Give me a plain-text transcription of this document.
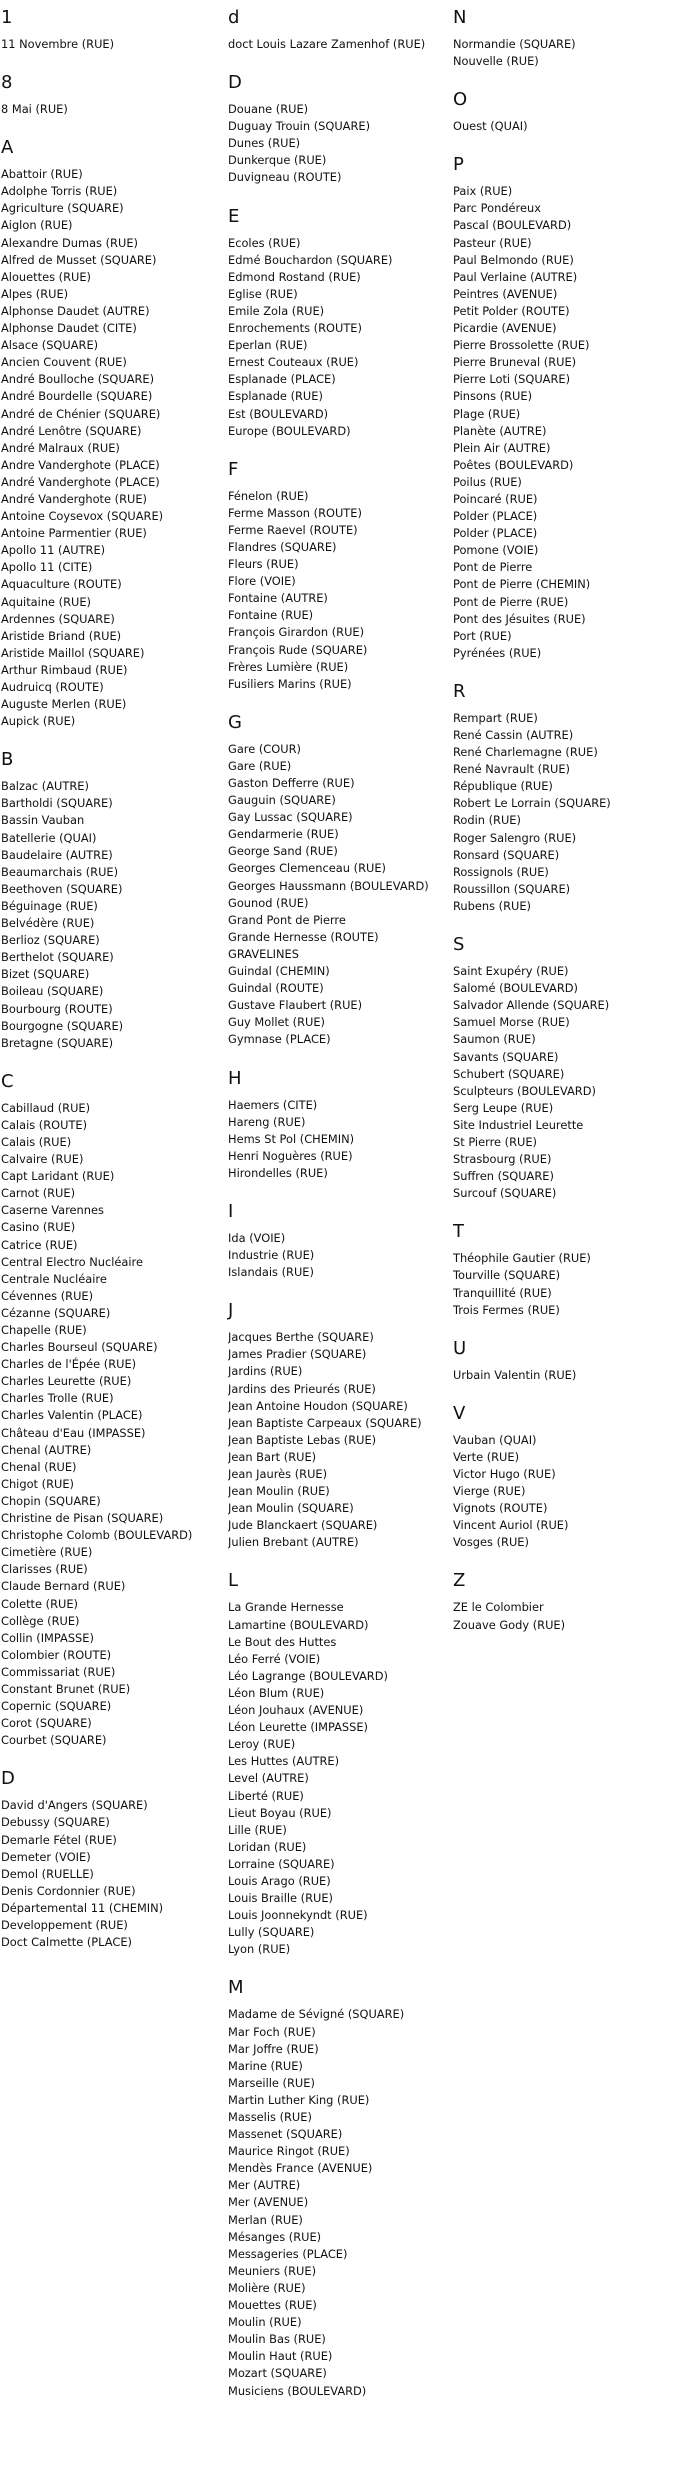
1
11 Novembre (RUE)
8
8 Mai (RUE)
A
Abattoir (RUE)
Adolphe Torris (RUE)
Agriculture (SQUARE)
Aiglon (RUE)
Alexandre Dumas (RUE)
Alfred de Musset (SQUARE)
Alouettes (RUE)
Alpes (RUE)
Alphonse Daudet (AUTRE)
Alphonse Daudet (CITE)
Alsace (SQUARE)
Ancien Couvent (RUE)
André Boulloche (SQUARE)
André Bourdelle (SQUARE)
André de Chénier (SQUARE)
André Lenôtre (SQUARE)
André Malraux (RUE)
Andre Vanderghote (PLACE)
André Vanderghote (PLACE)
André Vanderghote (RUE)
Antoine Coysevox (SQUARE)
Antoine Parmentier (RUE)
Apollo 11 (AUTRE)
Apollo 11 (CITE)
Aquaculture (ROUTE)
Aquitaine (RUE)
Ardennes (SQUARE)
Aristide Briand (RUE)
Aristide Maillol (SQUARE)
Arthur Rimbaud (RUE)
Audruicq (ROUTE)
Auguste Merlen (RUE)
Aupick (RUE)
B
Balzac (AUTRE)
Bartholdi (SQUARE)
Bassin Vauban
Batellerie (QUAI)
Baudelaire (AUTRE)
Beaumarchais (RUE)
Beethoven (SQUARE)
Béguinage (RUE)
Belvédère (RUE)
Berlioz (SQUARE)
Berthelot (SQUARE)
Bizet (SQUARE)
Boileau (SQUARE)
Bourbourg (ROUTE)
Bourgogne (SQUARE)
Bretagne (SQUARE)
C
Cabillaud (RUE)
Calais (ROUTE)
Calais (RUE)
Calvaire (RUE)
Capt Laridant (RUE)
Carnot (RUE)
Caserne Varennes
Casino (RUE)
Catrice (RUE)
Central Electro Nucléaire
Centrale Nucléaire
Cévennes (RUE)
Cézanne (SQUARE)
Chapelle (RUE)
Charles Bourseul (SQUARE)
Charles de l'Épée (RUE)
Charles Leurette (RUE)
Charles Trolle (RUE)
Charles Valentin (PLACE)
Château d'Eau (IMPASSE)
Chenal (AUTRE)
Chenal (RUE)
Chigot (RUE)
Chopin (SQUARE)
Christine de Pisan (SQUARE)
Christophe Colomb (BOULEVARD)
Cimetière (RUE)
Clarisses (RUE)
Claude Bernard (RUE)
Colette (RUE)
Collège (RUE)
Collin (IMPASSE)
Colombier (ROUTE)
Commissariat (RUE)
Constant Brunet (RUE)
Copernic (SQUARE)
Corot (SQUARE)
Courbet (SQUARE)
D
David d'Angers (SQUARE)
Debussy (SQUARE)
Demarle Fétel (RUE)
Demeter (VOIE)
Demol (RUELLE)
Denis Cordonnier (RUE)
Départemental 11 (CHEMIN)
Developpement (RUE)
Doct Calmette (PLACE)
d
doct Louis Lazare Zamenhof (RUE)
D
Douane (RUE)
Duguay Trouin (SQUARE)
Dunes (RUE)
Dunkerque (RUE)
Duvigneau (ROUTE)
E
Ecoles (RUE)
Edmé Bouchardon (SQUARE)
Edmond Rostand (RUE)
Eglise (RUE)
Emile Zola (RUE)
Enrochements (ROUTE)
Eperlan (RUE)
Ernest Couteaux (RUE)
Esplanade (PLACE)
Esplanade (RUE)
Est (BOULEVARD)
Europe (BOULEVARD)
F
Fénelon (RUE)
Ferme Masson (ROUTE)
Ferme Raevel (ROUTE)
Flandres (SQUARE)
Fleurs (RUE)
Flore (VOIE)
Fontaine (AUTRE)
Fontaine (RUE)
François Girardon (RUE)
François Rude (SQUARE)
Frères Lumière (RUE)
Fusiliers Marins (RUE)
G
Gare (COUR)
Gare (RUE)
Gaston Defferre (RUE)
Gauguin (SQUARE)
Gay Lussac (SQUARE)
Gendarmerie (RUE)
George Sand (RUE)
Georges Clemenceau (RUE)
Georges Haussmann (BOULEVARD)
Gounod (RUE)
Grand Pont de Pierre
Grande Hernesse (ROUTE)
GRAVELINES
Guindal (CHEMIN)
Guindal (ROUTE)
Gustave Flaubert (RUE)
Guy Mollet (RUE)
Gymnase (PLACE)
H
Haemers (CITE)
Hareng (RUE)
Hems St Pol (CHEMIN)
Henri Noguères (RUE)
Hirondelles (RUE)
I
Ida (VOIE)
Industrie (RUE)
Islandais (RUE)
J
Jacques Berthe (SQUARE)
James Pradier (SQUARE)
Jardins (RUE)
Jardins des Prieurés (RUE)
Jean Antoine Houdon (SQUARE)
Jean Baptiste Carpeaux (SQUARE)
Jean Baptiste Lebas (RUE)
Jean Bart (RUE)
Jean Jaurès (RUE)
Jean Moulin (RUE)
Jean Moulin (SQUARE)
Jude Blanckaert (SQUARE)
Julien Brebant (AUTRE)
L
La Grande Hernesse
Lamartine (BOULEVARD)
Le Bout des Huttes
Léo Ferré (VOIE)
Léo Lagrange (BOULEVARD)
Léon Blum (RUE)
Léon Jouhaux (AVENUE)
Léon Leurette (IMPASSE)
Leroy (RUE)
Les Huttes (AUTRE)
Level (AUTRE)
Liberté (RUE)
Lieut Boyau (RUE)
Lille (RUE)
Loridan (RUE)
Lorraine (SQUARE)
Louis Arago (RUE)
Louis Braille (RUE)
Louis Joonnekyndt (RUE)
Lully (SQUARE)
Lyon (RUE)
M
Madame de Sévigné (SQUARE)
Mar Foch (RUE)
Mar Joffre (RUE)
Marine (RUE)
Marseille (RUE)
Martin Luther King (RUE)
Masselis (RUE)
Massenet (SQUARE)
Maurice Ringot (RUE)
Mendès France (AVENUE)
Mer (AUTRE)
Mer (AVENUE)
Merlan (RUE)
Mésanges (RUE)
Messageries (PLACE)
Meuniers (RUE)
Molière (RUE)
Mouettes (RUE)
Moulin (RUE)
Moulin Bas (RUE)
Moulin Haut (RUE)
Mozart (SQUARE)
Musiciens (BOULEVARD)
N
Normandie (SQUARE)
Nouvelle (RUE)
O
Ouest (QUAI)
P
Paix (RUE)
Parc Pondéreux
Pascal (BOULEVARD)
Pasteur (RUE)
Paul Belmondo (RUE)
Paul Verlaine (AUTRE)
Peintres (AVENUE)
Petit Polder (ROUTE)
Picardie (AVENUE)
Pierre Brossolette (RUE)
Pierre Bruneval (RUE)
Pierre Loti (SQUARE)
Pinsons (RUE)
Plage (RUE)
Planète (AUTRE)
Plein Air (AUTRE)
Poêtes (BOULEVARD)
Poilus (RUE)
Poincaré (RUE)
Polder (PLACE)
Polder (PLACE)
Pomone (VOIE)
Pont de Pierre
Pont de Pierre (CHEMIN)
Pont de Pierre (RUE)
Pont des Jésuites (RUE)
Port (RUE)
Pyrénées (RUE)
R
Rempart (RUE)
René Cassin (AUTRE)
René Charlemagne (RUE)
René Navrault (RUE)
République (RUE)
Robert Le Lorrain (SQUARE)
Rodin (RUE)
Roger Salengro (RUE)
Ronsard (SQUARE)
Rossignols (RUE)
Roussillon (SQUARE)
Rubens (RUE)
S
Saint Exupéry (RUE)
Salomé (BOULEVARD)
Salvador Allende (SQUARE)
Samuel Morse (RUE)
Saumon (RUE)
Savants (SQUARE)
Schubert (SQUARE)
Sculpteurs (BOULEVARD)
Serg Leupe (RUE)
Site Industriel Leurette
St Pierre (RUE)
Strasbourg (RUE)
Suffren (SQUARE)
Surcouf (SQUARE)
T
Théophile Gautier (RUE)
Tourville (SQUARE)
Tranquillité (RUE)
Trois Fermes (RUE)
U
Urbain Valentin (RUE)
V
Vauban (QUAI)
Verte (RUE)
Victor Hugo (RUE)
Vierge (RUE)
Vignots (ROUTE)
Vincent Auriol (RUE)
Vosges (RUE)
Z
ZE le Colombier
Zouave Gody (RUE)
